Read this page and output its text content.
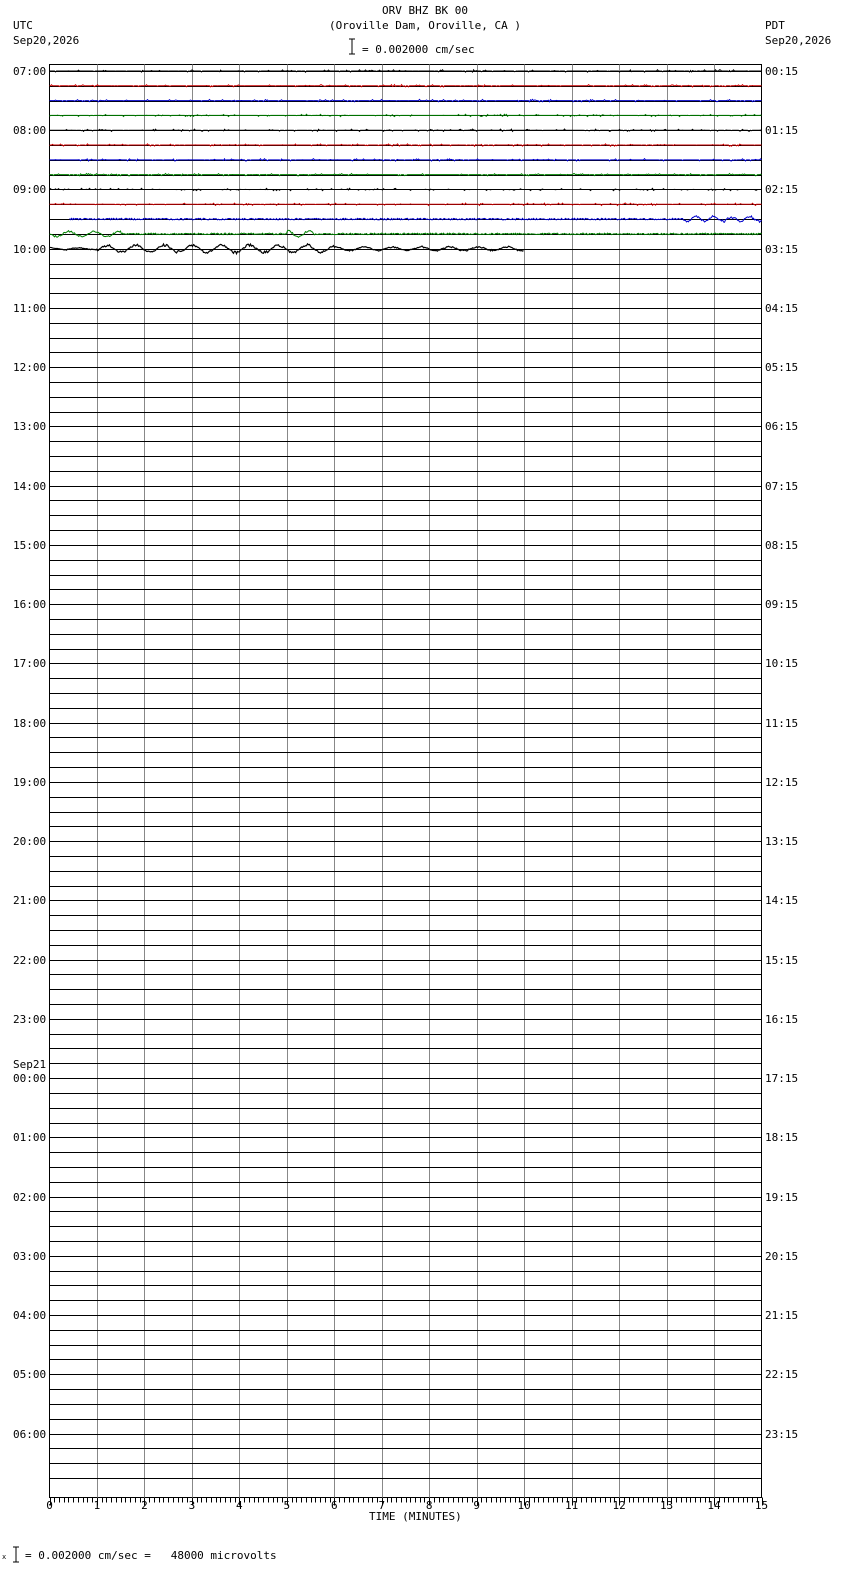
ORV BHZ BK 00
(Oroville Dam, Oroville, CA )
= 0.002000 cm/sec
UTC
Sep20,2026
PDT
Sep20,2026
0	1	2	3	4	5	6	7	8	9	10	11	12	13	14	15
07:00	00:15
08:00	01:15
09:00	02:15
10:00	03:15
11:00	04:15
12:00	05:15
13:00	06:15
14:00	07:15
15:00	08:15
16:00	09:15
17:00	10:15
18:00	11:15
19:00	12:15
20:00	13:15
21:00	14:15
22:00	15:15
23:00	16:15
00:00
Sep21
17:15
01:00	18:15
02:00	19:15
03:00	20:15
04:00	21:15
05:00	22:15
06:00	23:15
TIME (MINUTES)
x = 0.002000 cm/sec =   48000 microvolts
